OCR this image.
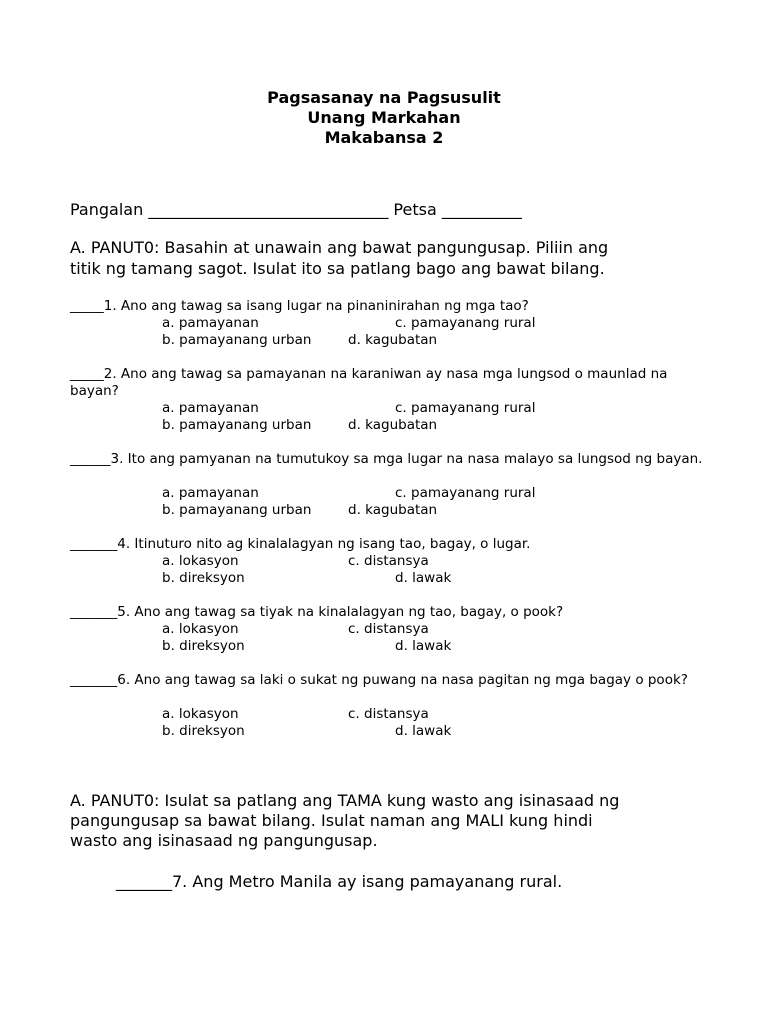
Pagsasanay na Pagsusulit
Unang Markahan
Makabansa 2
Pangalan ______________________________ Petsa __________
A. PANUT0: Basahin at unawain ang bawat pangungusap. Piliin ang
titik ng tamang sagot. Isulat ito sa patlang bago ang bawat bilang.
_____1. Ano ang tawag sa isang lugar na pinaninirahan ng mga tao?
a. pamayanan	c. pamayanang rural
b. pamayanang urban	d. kagubatan
_____2. Ano ang tawag sa pamayanan na karaniwan ay nasa mga lungsod o maunlad na bayan?
a. pamayanan	c. pamayanang rural
b. pamayanang urban	d. kagubatan
______3. Ito ang pamyanan na tumutukoy sa mga lugar na nasa malayo sa lungsod ng bayan.
a. pamayanan	c. pamayanang rural
b. pamayanang urban	d. kagubatan
_______4. Itinuturo nito ag kinalalagyan ng isang tao, bagay, o lugar.
a. lokasyon	c. distansya
b. direksyon	d. lawak
_______5. Ano ang tawag sa tiyak na kinalalagyan ng tao, bagay, o pook?
a. lokasyon	c. distansya
b. direksyon	d. lawak
_______6. Ano ang tawag sa laki o sukat ng puwang na nasa pagitan ng mga bagay o pook?
a. lokasyon	c. distansya
b. direksyon	d. lawak
A. PANUT0: Isulat sa patlang ang TAMA kung wasto ang isinasaad ng
pangungusap sa bawat bilang. Isulat naman ang MALI kung hindi
wasto ang isinasaad ng pangungusap.
_______7. Ang Metro Manila ay isang pamayanang rural.
